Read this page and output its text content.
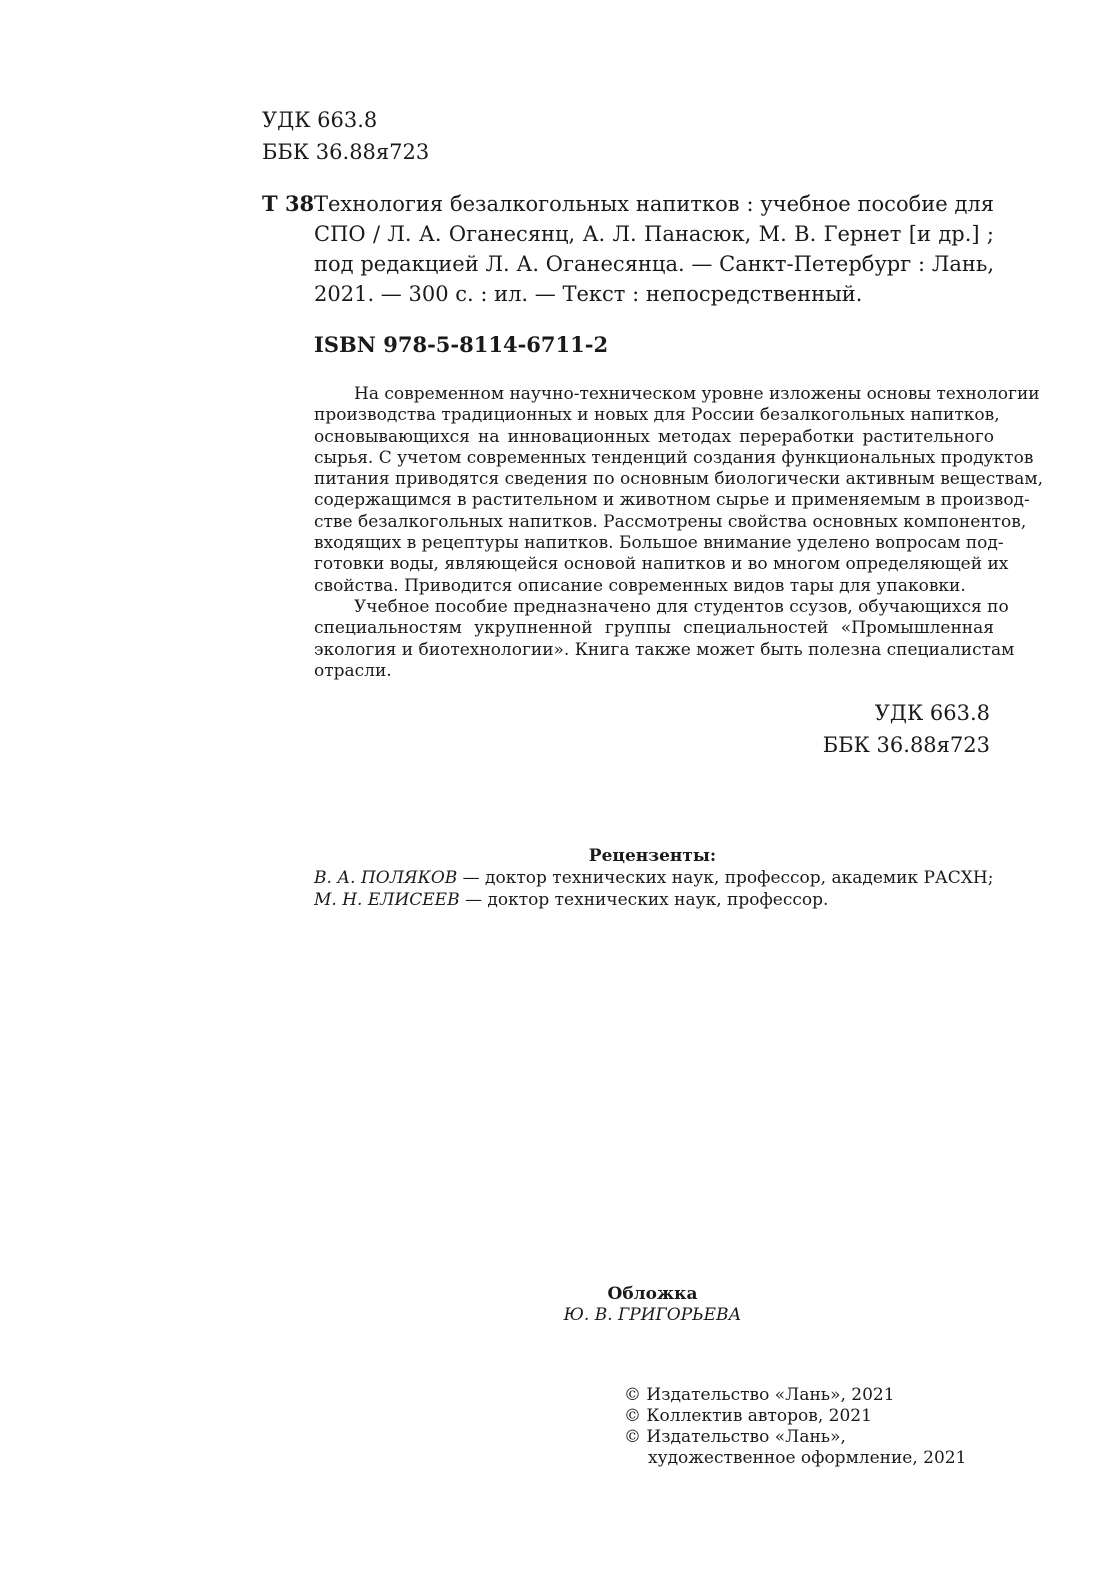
УДК 663.8
ББК 36.88я723
Т 38 Технология безалкогольных напитков : учебное пособие для
СПО / Л. А. Оганесянц, А. Л. Панасюк, М. В. Гернет [и др.] ;
под редакцией Л. А. Оганесянца. — Санкт-Петербург : Лань,
2021. — 300 с. : ил. — Текст : непосредственный.
ISBN 978-5-8114-6711-2
На современном научно-техническом уровне изложены основы технологии
производства традиционных и новых для России безалкогольных напитков,
основывающихся на инновационных методах переработки растительного
сырья. С учетом современных тенденций создания функциональных продуктов
питания приводятся сведения по основным биологически активным веществам,
содержащимся в растительном и животном сырье и применяемым в производ-
стве безалкогольных напитков. Рассмотрены свойства основных компонентов,
входящих в рецептуры напитков. Большое внимание уделено вопросам под-
готовки воды, являющейся основой напитков и во многом определяющей их
свойства. Приводится описание современных видов тары для упаковки.
Учебное пособие предназначено для студентов ссузов, обучающихся по
специальностям укрупненной группы специальностей «Промышленная
экология и биотехнологии». Книга также может быть полезна специалистам
отрасли.
УДК 663.8
ББК 36.88я723
Рецензенты:
В. А. ПОЛЯКОВ — доктор технических наук, профессор, академик РАСХН;
М. Н. ЕЛИСЕЕВ — доктор технических наук, профессор.
Обложка
Ю. В. ГРИГОРЬЕВА
© Издательство «Лань», 2021
© Коллектив авторов, 2021
© Издательство «Лань»,
художественное оформление, 2021
